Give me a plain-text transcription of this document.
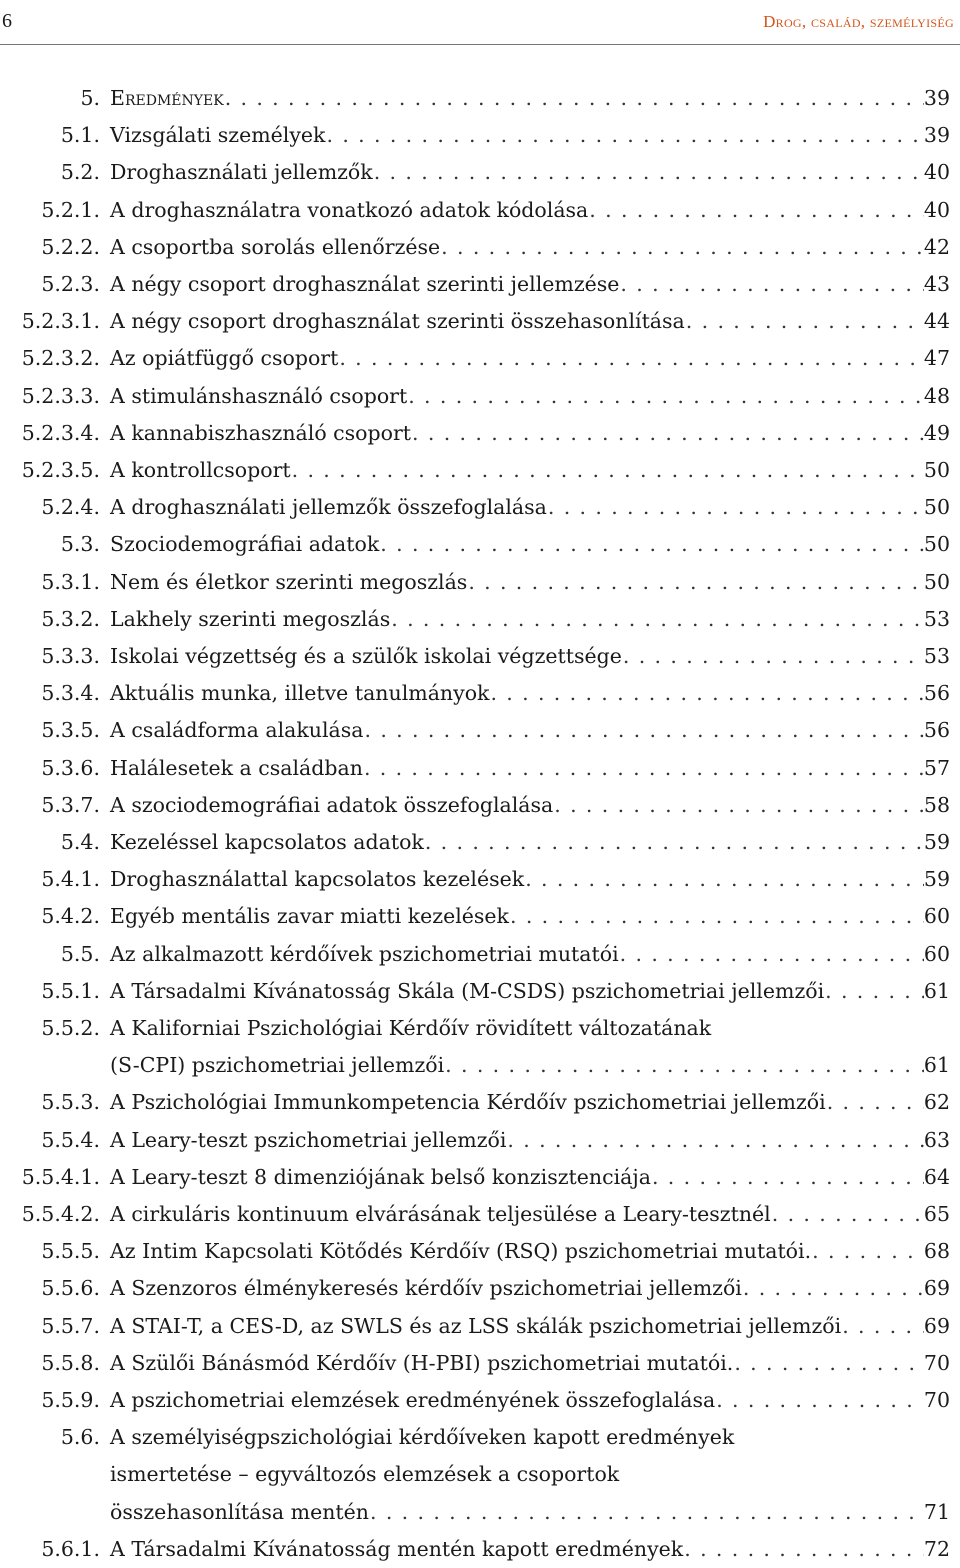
6	Drog, család, személyiség
5. Eredmények . . .	39
5.1. Vizsgálati személyek . . .	39
5.2. Droghasználati jellemzők . . .	40
5.2.1. A droghasználatra vonatkozó adatok kódolása . . .	40
5.2.2. A csoportba sorolás ellenőrzése . . .	42
5.2.3. A négy csoport droghasználat szerinti jellemzése . . .	43
5.2.3.1. A négy csoport droghasználat szerinti összehasonlítása . . .	44
5.2.3.2. Az opiátfüggő csoport . . .	47
5.2.3.3. A stimulánshasználó csoport . . .	48
5.2.3.4. A kannabiszhasználó csoport . . .	49
5.2.3.5. A kontrollcsoport . . .	50
5.2.4. A droghasználati jellemzők összefoglalása . . .	50
5.3. Szociodemográfiai adatok . . .	50
5.3.1. Nem és életkor szerinti megoszlás . . .	50
5.3.2. Lakhely szerinti megoszlás . . .	53
5.3.3. Iskolai végzettség és a szülők iskolai végzettsége . . .	53
5.3.4. Aktuális munka, illetve tanulmányok . . .	56
5.3.5. A családforma alakulása . . .	56
5.3.6. Halálesetek a családban . . .	57
5.3.7. A szociodemográfiai adatok összefoglalása . . .	58
5.4. Kezeléssel kapcsolatos adatok . . .	59
5.4.1. Droghasználattal kapcsolatos kezelések . . .	59
5.4.2. Egyéb mentális zavar miatti kezelések . . .	60
5.5. Az alkalmazott kérdőívek pszichometriai mutatói . . .	60
5.5.1. A Társadalmi Kívánatosság Skála (M-CSDS) pszichometriai jellemzői . . .	61
5.5.2. A Kaliforniai Pszichológiai Kérdőív rövidített változatának
(S-CPI) pszichometriai jellemzői . . .	61
5.5.3. A Pszichológiai Immunkompetencia Kérdőív pszichometriai jellemzői . . .	62
5.5.4. A Leary-teszt pszichometriai jellemzői . . .	63
5.5.4.1. A Leary-teszt 8 dimenziójának belső konzisztenciája . . .	64
5.5.4.2. A cirkuláris kontinuum elvárásának teljesülése a Leary-tesztnél . . .	65
5.5.5. Az Intim Kapcsolati Kötődés Kérdőív (RSQ) pszichometriai mutatói. . . .	68
5.5.6. A Szenzoros élménykeresés kérdőív pszichometriai jellemzői . . .	69
5.5.7. A STAI-T, a CES-D, az SWLS és az LSS skálák pszichometriai jellemzői . . .	69
5.5.8. A Szülői Bánásmód Kérdőív (H-PBI) pszichometriai mutatói. . . .	70
5.5.9. A pszichometriai elemzések eredményének összefoglalása . . .	70
5.6. A személyiségpszichológiai kérdőíveken kapott eredmények
ismertetése – egyváltozós elemzések a csoportok
összehasonlítása mentén . . .	71
5.6.1. A Társadalmi Kívánatosság mentén kapott eredmények . . .	72
